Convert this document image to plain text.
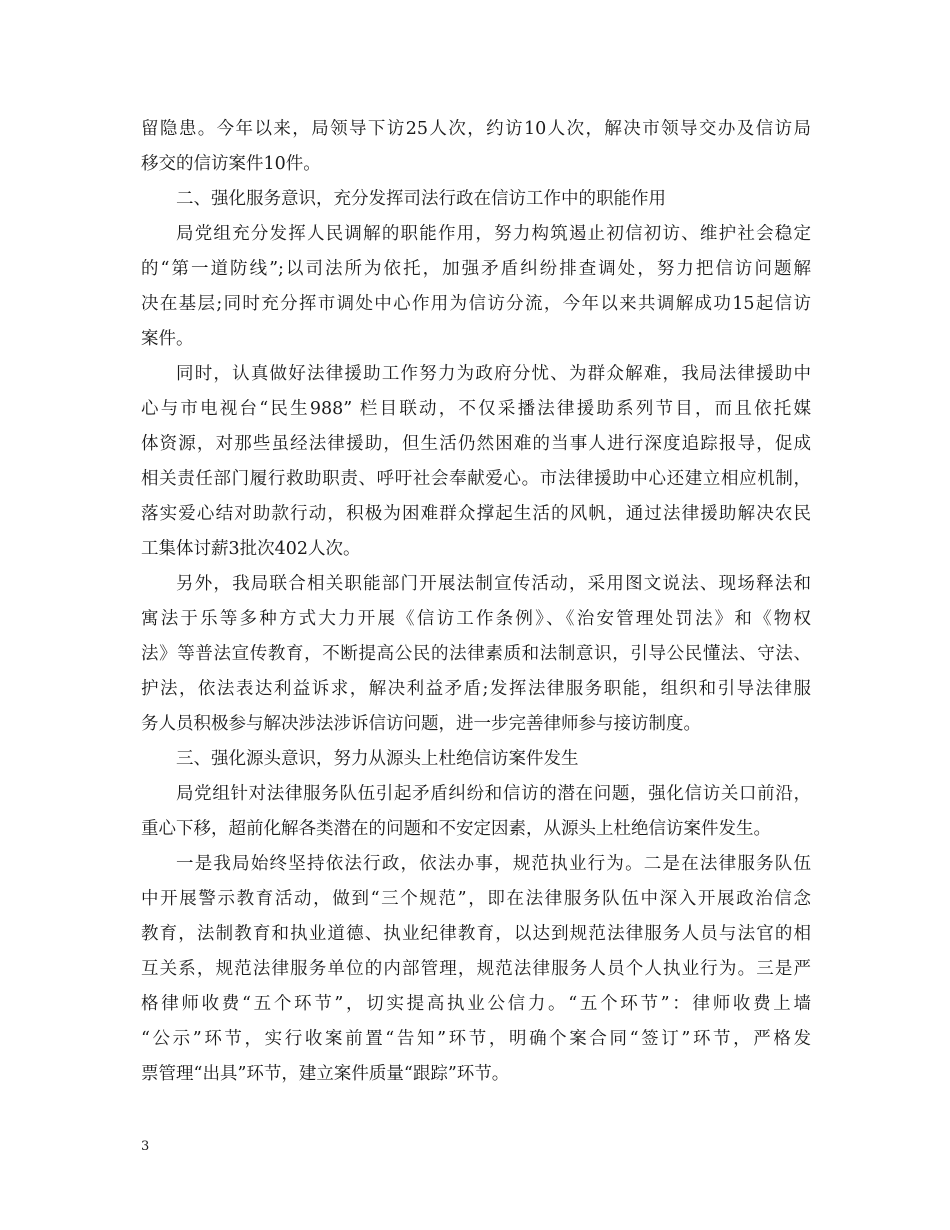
留隐患。今年以来，局领导下访25人次，约访10人次，解决市领导交办及信访局
移交的信访案件10件。
二、强化服务意识，充分发挥司法行政在信访工作中的职能作用
局党组充分发挥人民调解的职能作用，努力构筑遏止初信初访、维护社会稳定
的“第一道防线”;以司法所为依托，加强矛盾纠纷排查调处，努力把信访问题解
决在基层;同时充分挥市调处中心作用为信访分流，今年以来共调解成功15起信访
案件。
同时，认真做好法律援助工作努力为政府分忧、为群众解难，我局法律援助中
心与市电视台“民生988” 栏目联动，不仅采播法律援助系列节目，而且依托媒
体资源，对那些虽经法律援助，但生活仍然困难的当事人进行深度追踪报导，促成
相关责任部门履行救助职责、呼吁社会奉献爱心。市法律援助中心还建立相应机制，
落实爱心结对助款行动，积极为困难群众撑起生活的风帆，通过法律援助解决农民
工集体讨薪3批次402人次。
另外，我局联合相关职能部门开展法制宣传活动，采用图文说法、现场释法和
寓法于乐等多种方式大力开展《信访工作条例》、《治安管理处罚法》和《物权
法》等普法宣传教育，不断提高公民的法律素质和法制意识，引导公民懂法、守法、
护法，依法表达利益诉求，解决利益矛盾;发挥法律服务职能，组织和引导法律服
务人员积极参与解决涉法涉诉信访问题，进一步完善律师参与接访制度。
三、强化源头意识，努力从源头上杜绝信访案件发生
局党组针对法律服务队伍引起矛盾纠纷和信访的潜在问题，强化信访关口前沿，
重心下移，超前化解各类潜在的问题和不安定因素，从源头上杜绝信访案件发生。
一是我局始终坚持依法行政，依法办事，规范执业行为。二是在法律服务队伍
中开展警示教育活动，做到“三个规范”，即在法律服务队伍中深入开展政治信念
教育，法制教育和执业道德、执业纪律教育，以达到规范法律服务人员与法官的相
互关系，规范法律服务单位的内部管理，规范法律服务人员个人执业行为。三是严
格律师收费“五个环节”，切实提高执业公信力。“五个环节”：律师收费上墙
“公示”环节，实行收案前置“告知”环节，明确个案合同“签订”环节，严格发
票管理“出具”环节，建立案件质量“跟踪”环节。
3
